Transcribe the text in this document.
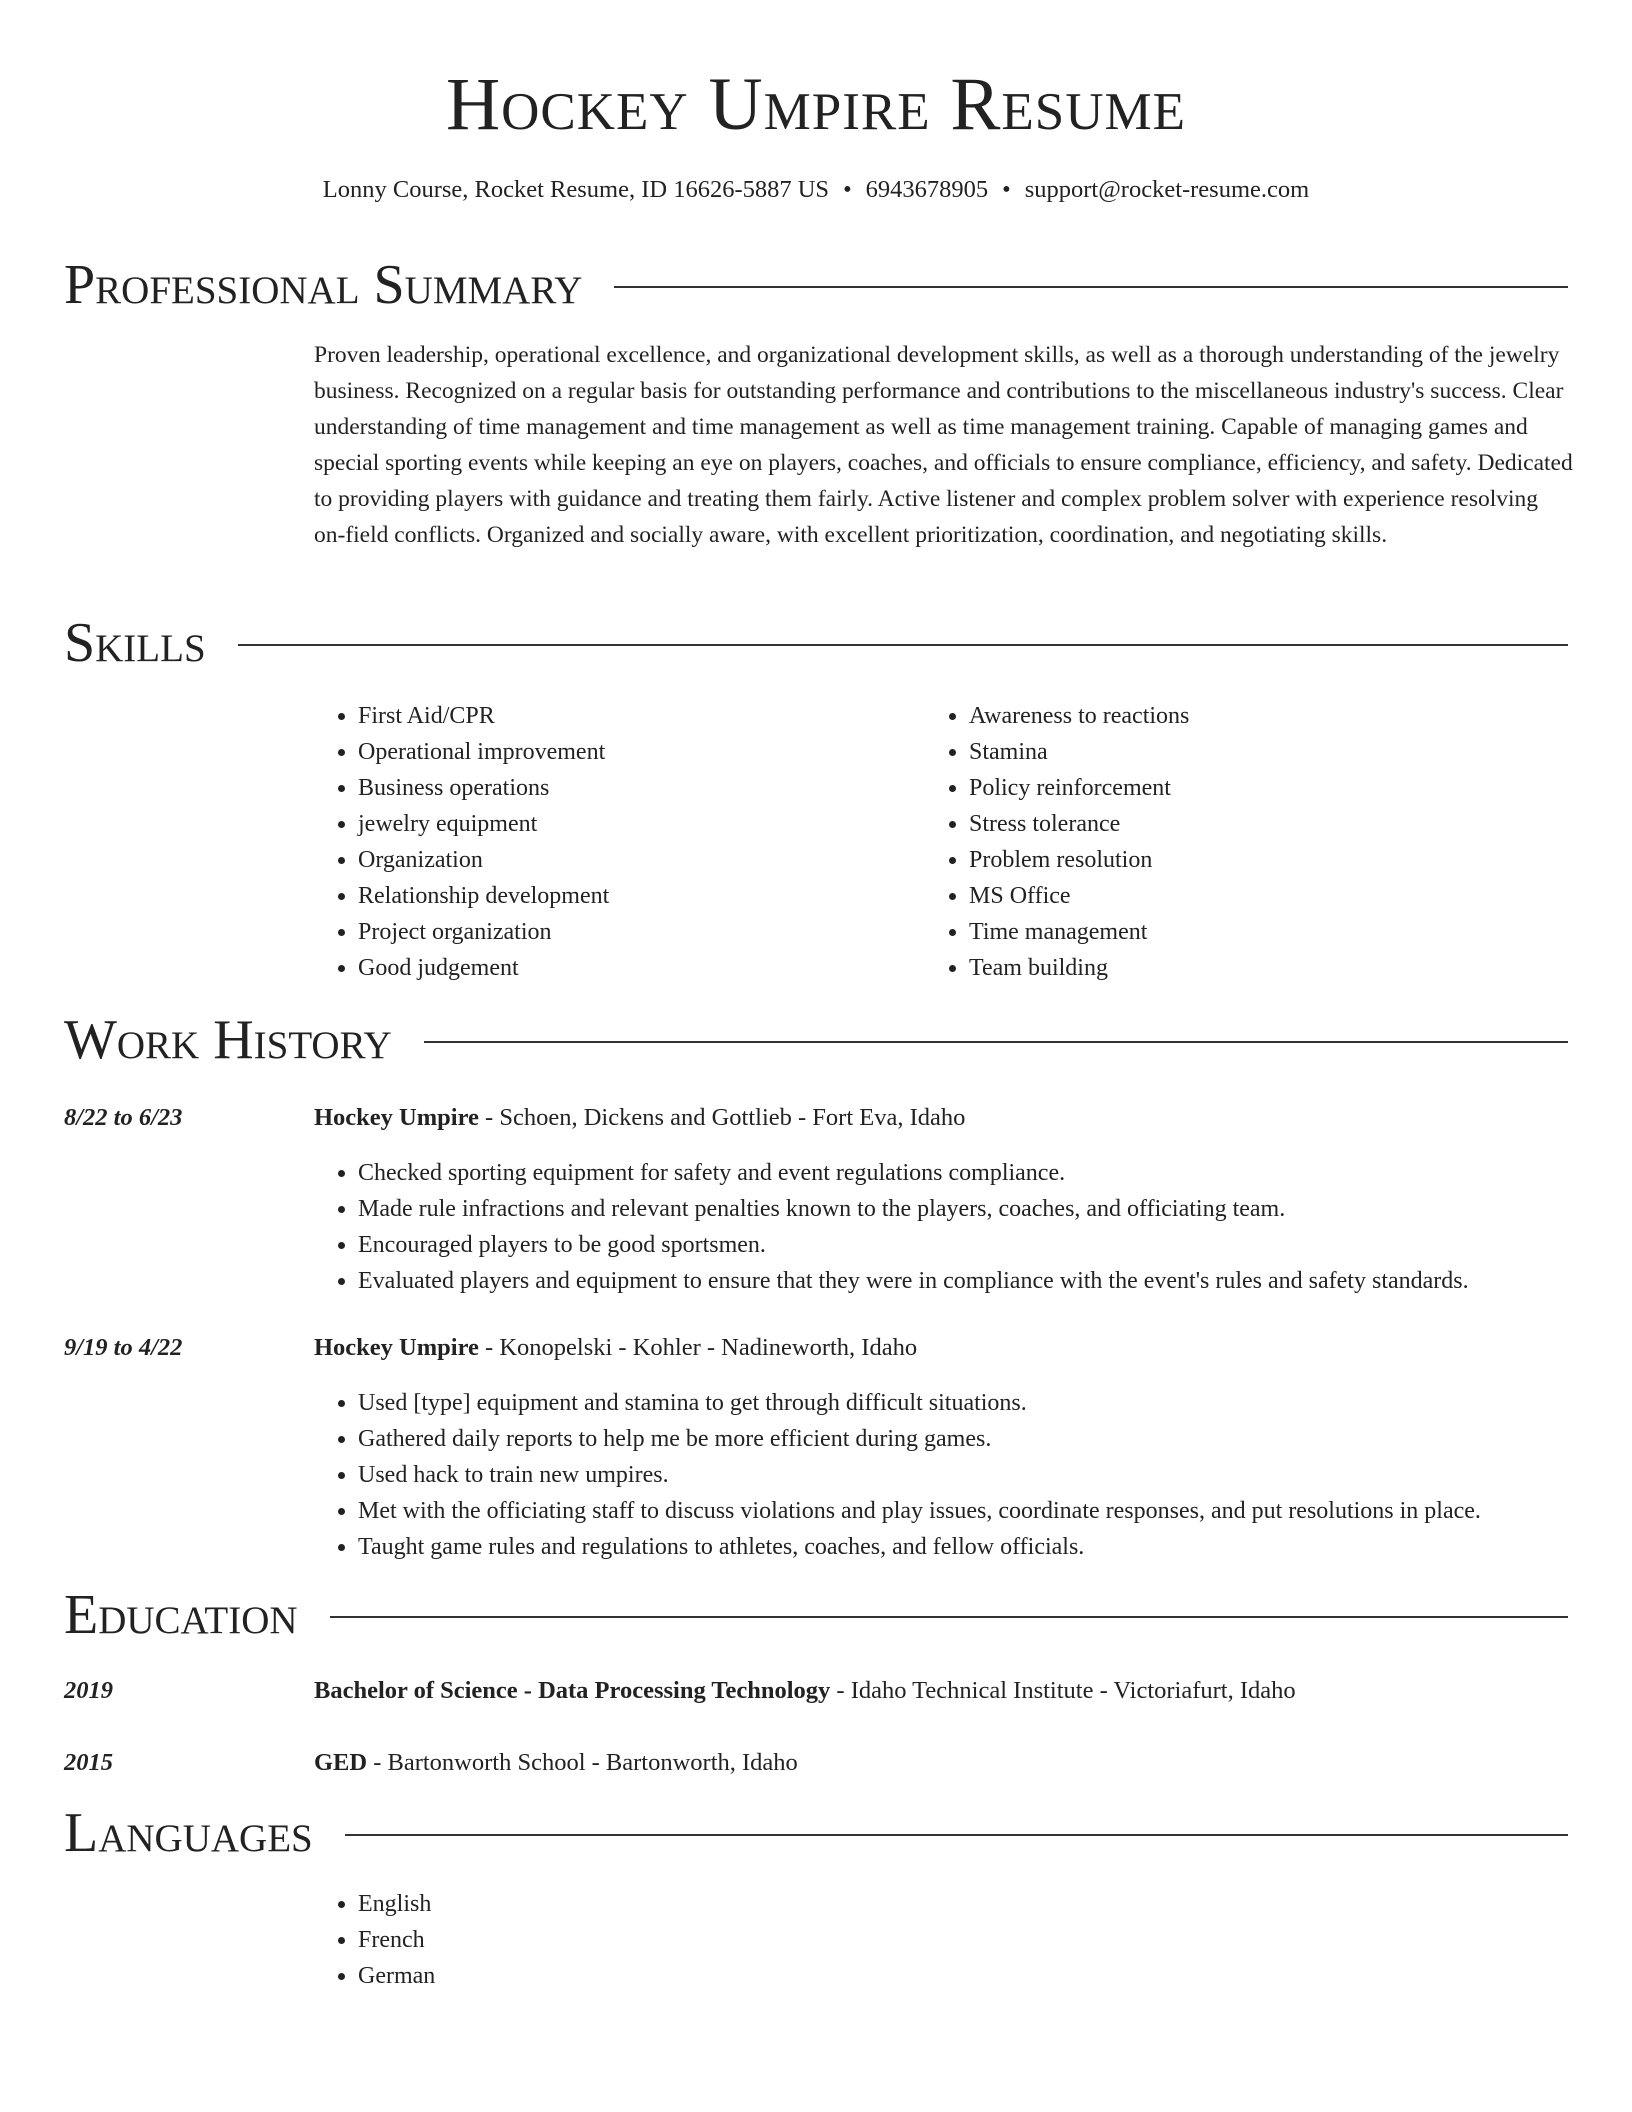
Hockey Umpire Resume
Lonny Course, Rocket Resume, ID 16626-5887 US • 6943678905 • support@rocket-resume.com
Professional Summary
Proven leadership, operational excellence, and organizational development skills, as well as a thorough understanding of the jewelry business. Recognized on a regular basis for outstanding performance and contributions to the miscellaneous industry's success. Clear understanding of time management and time management as well as time management training. Capable of managing games and special sporting events while keeping an eye on players, coaches, and officials to ensure compliance, efficiency, and safety. Dedicated to providing players with guidance and treating them fairly. Active listener and complex problem solver with experience resolving on-field conflicts. Organized and socially aware, with excellent prioritization, coordination, and negotiating skills.
Skills
• First Aid/CPR
• Operational improvement
• Business operations
• jewelry equipment
• Organization
• Relationship development
• Project organization
• Good judgement
• Awareness to reactions
• Stamina
• Policy reinforcement
• Stress tolerance
• Problem resolution
• MS Office
• Time management
• Team building
Work History
8/22 to 6/23	Hockey Umpire - Schoen, Dickens and Gottlieb - Fort Eva, Idaho
• Checked sporting equipment for safety and event regulations compliance.
• Made rule infractions and relevant penalties known to the players, coaches, and officiating team.
• Encouraged players to be good sportsmen.
• Evaluated players and equipment to ensure that they were in compliance with the event's rules and safety standards.
9/19 to 4/22	Hockey Umpire - Konopelski - Kohler - Nadineworth, Idaho
• Used [type] equipment and stamina to get through difficult situations.
• Gathered daily reports to help me be more efficient during games.
• Used hack to train new umpires.
• Met with the officiating staff to discuss violations and play issues, coordinate responses, and put resolutions in place.
• Taught game rules and regulations to athletes, coaches, and fellow officials.
Education
2019	Bachelor of Science - Data Processing Technology - Idaho Technical Institute - Victoriafurt, Idaho
2015	GED - Bartonworth School - Bartonworth, Idaho
Languages
• English
• French
• German
